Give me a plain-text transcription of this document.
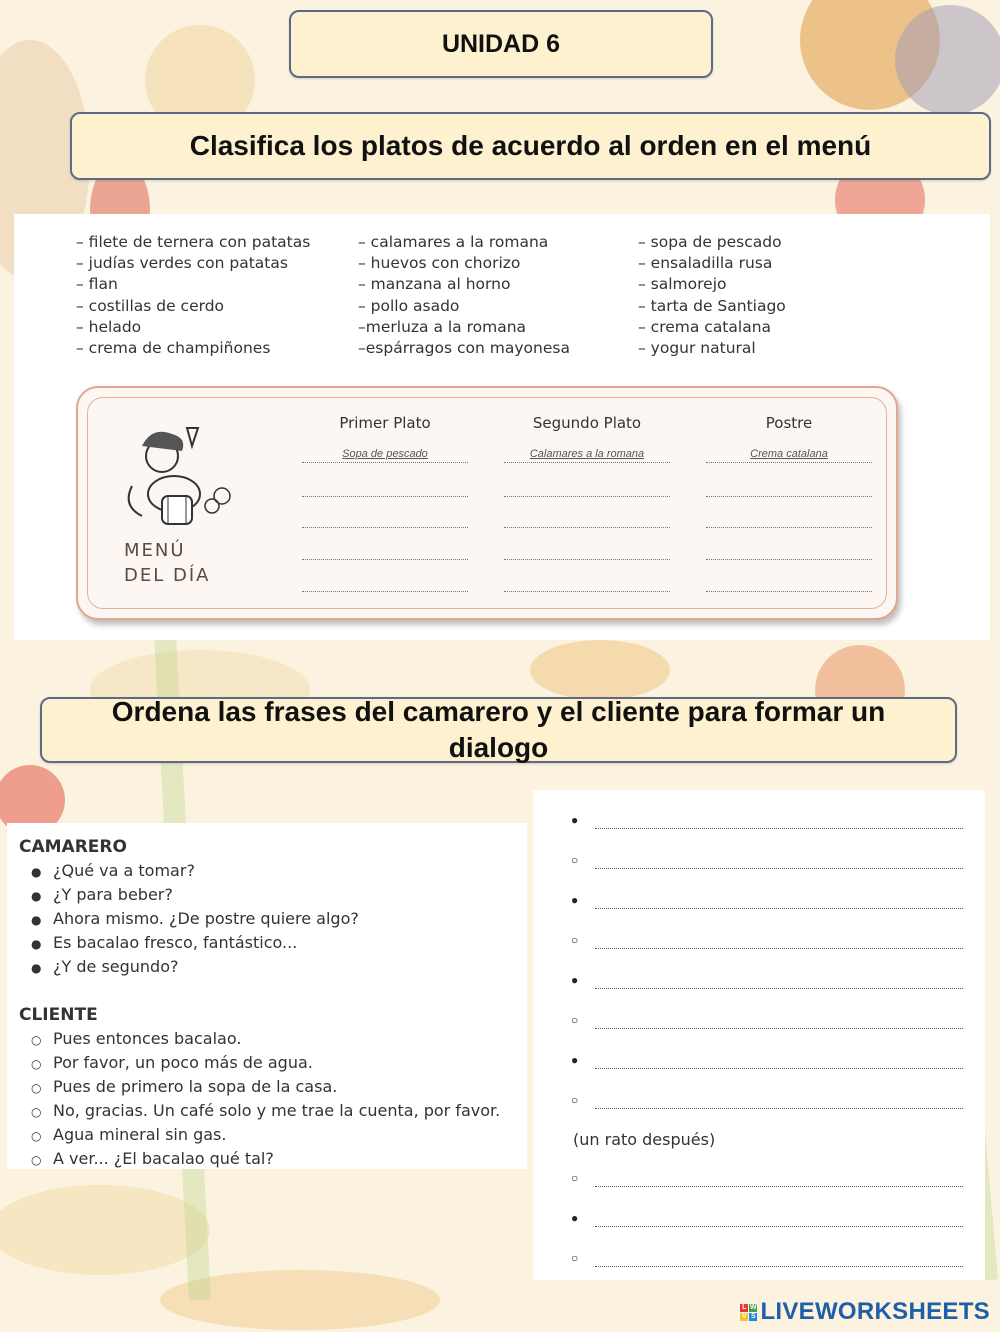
UNIDAD 6
Clasifica los platos de acuerdo al orden en el menú
– filete de ternera con patatas
– judías verdes con patatas
– flan
– costillas de cerdo
– helado
– crema de champiñones
– calamares a la romana
– huevos con chorizo
– manzana al horno
– pollo asado
–merluza a la romana
–espárragos con mayonesa
– sopa de pescado
– ensaladilla rusa
– salmorejo
– tarta de Santiago
– crema catalana
– yogur natural
MENÚ
DEL DÍA
Primer Plato	Segundo Plato	Postre
Sopa de pescado	Calamares a la romana	Crema catalana
Ordena las frases del camarero y el cliente para formar un dialogo
CAMARERO
● ¿Qué va a tomar?
● ¿Y para beber?
● Ahora mismo. ¿De postre quiere algo?
● Es bacalao fresco, fantástico...
● ¿Y de segundo?
CLIENTE
○ Pues entonces bacalao.
○ Por favor, un poco más de agua.
○ Pues de primero la sopa de la casa.
○ No, gracias. Un café solo y me trae la cuenta, por favor.
○ Agua mineral sin gas.
○ A ver... ¿El bacalao qué tal?
●
○
●
○
●
○
●
○
(un rato después)
○
●
○
L W
V S LIVEWORKSHEETS
